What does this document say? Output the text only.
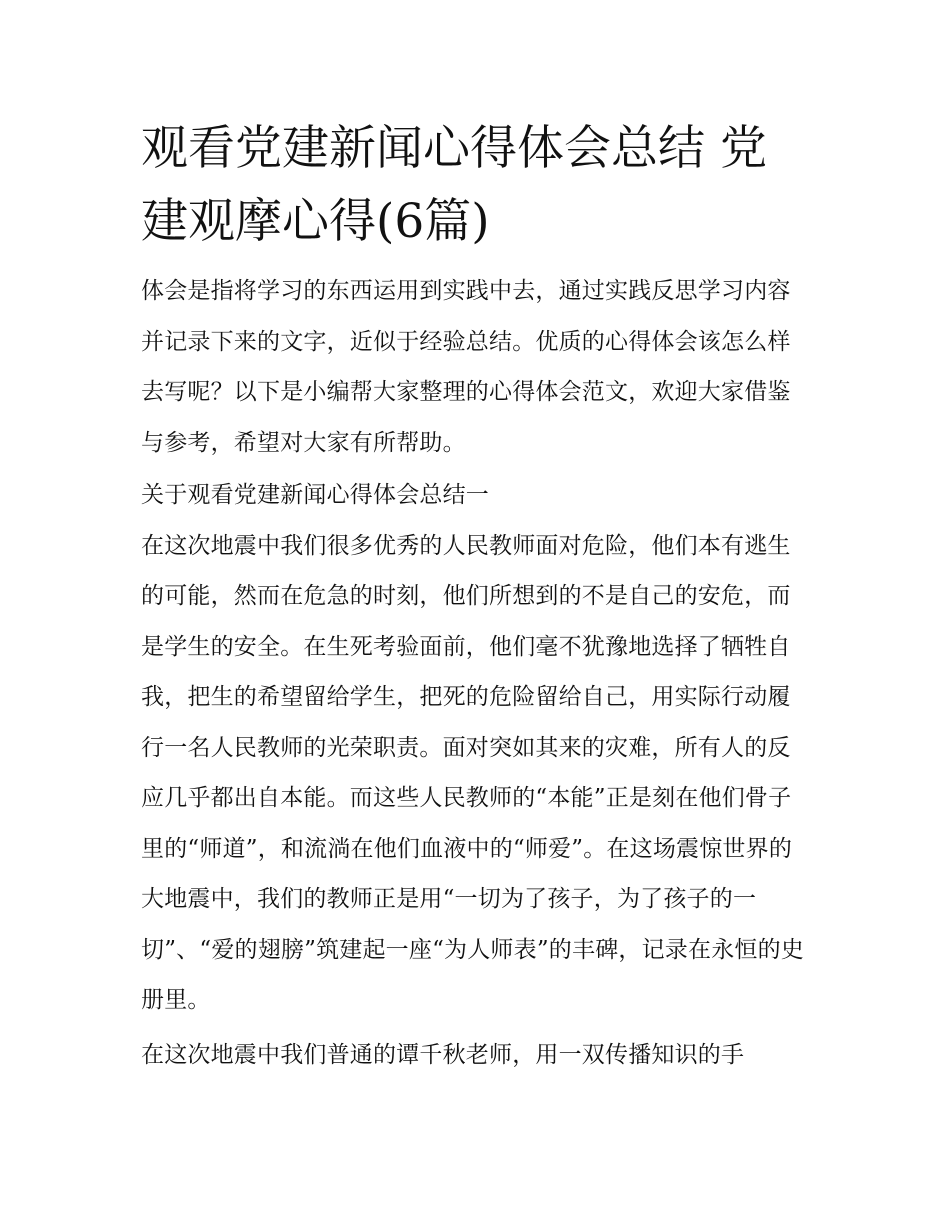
观看党建新闻心得体会总结 党建观摩心得(6篇)

体会是指将学习的东西运用到实践中去，通过实践反思学习内容并记录下来的文字，近似于经验总结。优质的心得体会该怎么样去写呢？以下是小编帮大家整理的心得体会范文，欢迎大家借鉴与参考，希望对大家有所帮助。

关于观看党建新闻心得体会总结一

在这次地震中我们很多优秀的人民教师面对危险，他们本有逃生的可能，然而在危急的时刻，他们所想到的不是自己的安危，而是学生的安全。在生死考验面前，他们毫不犹豫地选择了牺牲自我，把生的希望留给学生，把死的危险留给自己，用实际行动履行一名人民教师的光荣职责。面对突如其来的灾难，所有人的反应几乎都出自本能。而这些人民教师的“本能”正是刻在他们骨子里的“师道”，和流淌在他们血液中的“师爱”。在这场震惊世界的大地震中，我们的教师正是用“一切为了孩子，为了孩子的一切”、“爱的翅膀”筑建起一座“为人师表”的丰碑，记录在永恒的史册里。

在这次地震中我们普通的谭千秋老师，用一双传播知识的手
